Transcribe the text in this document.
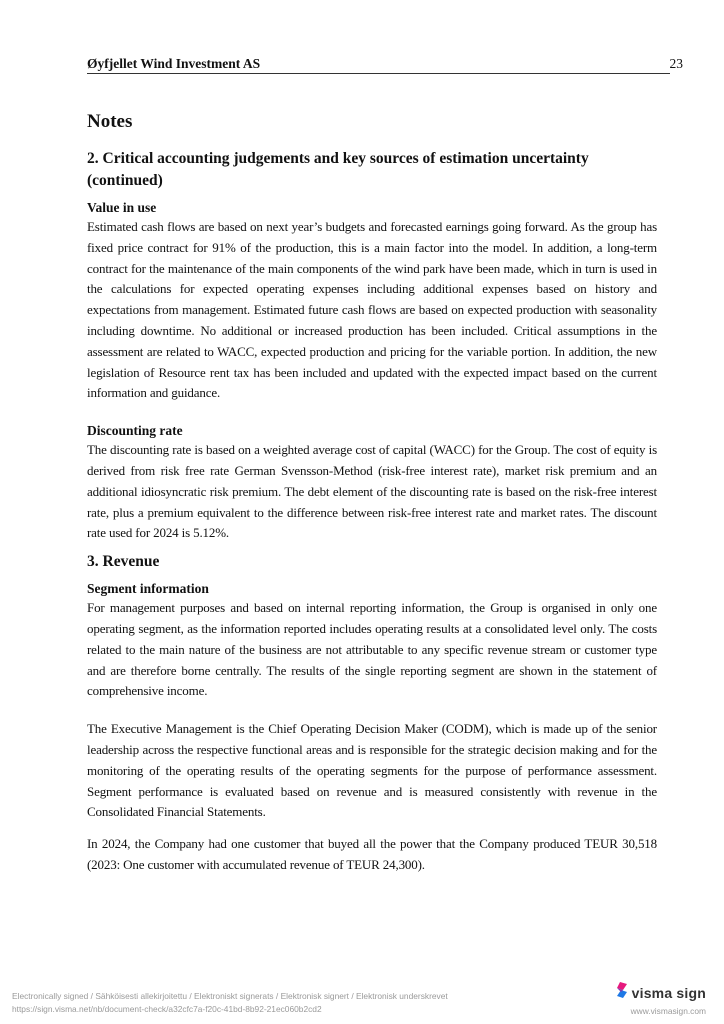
Øyfjellet Wind Investment AS	23
Notes
2. Critical accounting judgements and key sources of estimation uncertainty (continued)
Value in use

Estimated cash flows are based on next year’s budgets and forecasted earnings going forward. As the group has fixed price contract for 91% of the production, this is a main factor into the model. In addition, a long-term contract for the maintenance of the main components of the wind park have been made, which in turn is used in the calculations for expected operating expenses including additional expenses based on history and expectations from management. Estimated future cash flows are based on expected production with seasonality including downtime. No additional or increased production has been included. Critical assumptions in the assessment are related to WACC, expected production and pricing for the variable portion. In addition, the new legislation of Resource rent tax has been included and updated with the expected impact based on the current information and guidance.

Discounting rate

The discounting rate is based on a weighted average cost of capital (WACC) for the Group. The cost of equity is derived from risk free rate German Svensson-Method (risk-free interest rate), market risk premium and an additional idiosyncratic risk premium. The debt element of the discounting rate is based on the risk-free interest rate, plus a premium equivalent to the difference between risk-free interest rate and market rates. The discount rate used for 2024 is 5.12%.

3. Revenue
Segment information

For management purposes and based on internal reporting information, the Group is organised in only one operating segment, as the information reported includes operating results at a consolidated level only. The costs related to the main nature of the business are not attributable to any specific revenue stream or customer type and are therefore borne centrally. The results of the single reporting segment are shown in the statement of comprehensive income.

The Executive Management is the Chief Operating Decision Maker (CODM), which is made up of the senior leadership across the respective functional areas and is responsible for the strategic decision making and for the monitoring of the operating results of the operating segments for the purpose of performance assessment. Segment performance is evaluated based on revenue and is measured consistently with revenue in the Consolidated Financial Statements.

In 2024, the Company had one customer that buyed all the power that the Company produced TEUR 30,518 (2023: One customer with accumulated revenue of TEUR 24,300).

Electronically signed / Sähköisesti allekirjoitettu / Elektroniskt signerats / Elektronisk signert / Elektronisk underskrevet
https://sign.visma.net/nb/document-check/a32cfc7a-f20c-41bd-8b92-21ec060b2cd2
visma sign
www.vismasign.com
